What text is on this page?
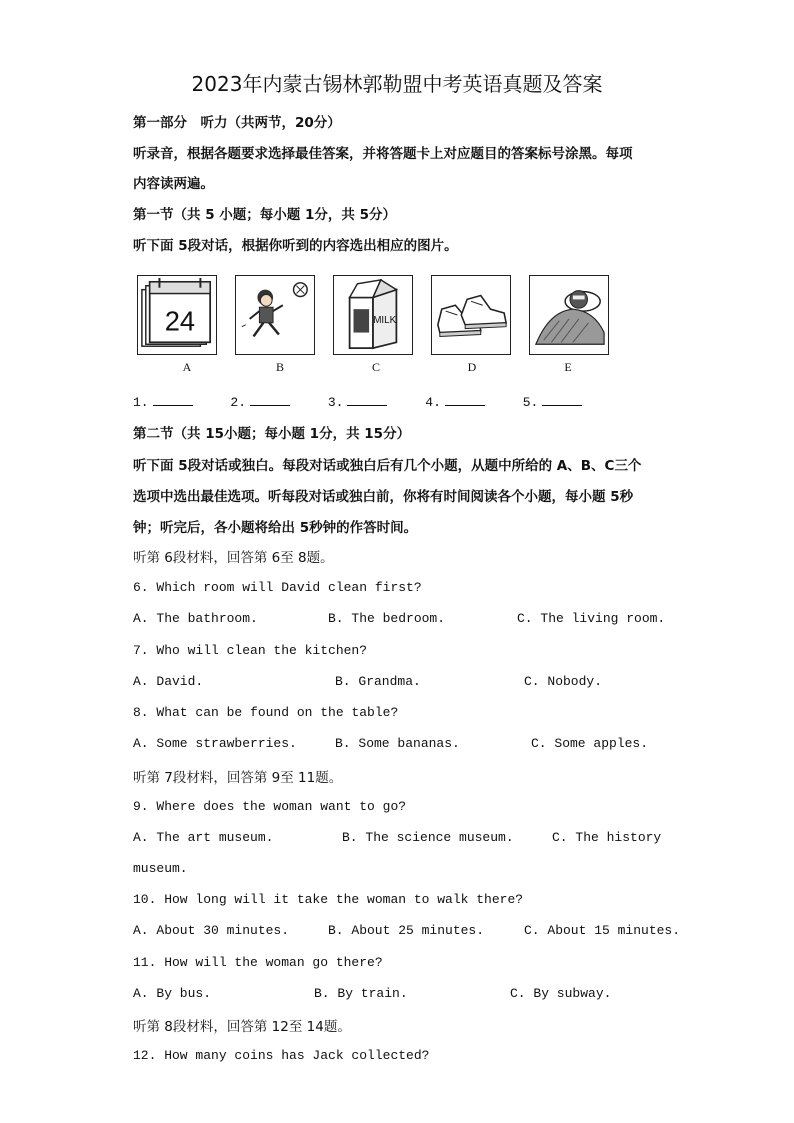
2023年内蒙古锡林郭勒盟中考英语真题及答案
第一部分　听力（共两节，20分）
听录音，根据各题要求选择最佳答案，并将答题卡上对应题目的答案标号涂黑。每项
内容读两遍。
第一节（共 5 小题；每小题 1分，共 5分）
听下面 5段对话，根据你听到的内容选出相应的图片。
24	MILK
A	B	C	D	E
1.	2.	3.	4.	5.
第二节（共 15小题；每小题 1分，共 15分）
听下面 5段对话或独白。每段对话或独白后有几个小题，从题中所给的 A、B、C三个
选项中选出最佳选项。听每段对话或独白前，你将有时间阅读各个小题，每小题 5秒
钟；听完后，各小题将给出 5秒钟的作答时间。
听第 6段材料，回答第 6至 8题。
6. Which room will David clean first?
A. The bathroom.	B. The bedroom.	C. The living room.
7. Who will clean the kitchen?
A. David.	B. Grandma.	C. Nobody.
8. What can be found on the table?
A. Some strawberries.	B. Some bananas.	C. Some apples.
听第 7段材料，回答第 9至 11题。
9. Where does the woman want to go?
A. The art museum.	B. The science museum.	C. The history
museum.
10. How long will it take the woman to walk there?
A. About 30 minutes.	B. About 25 minutes.	C. About 15 minutes.
11. How will the woman go there?
A. By bus.	B. By train.	C. By subway.
听第 8段材料，回答第 12至 14题。
12. How many coins has Jack collected?
